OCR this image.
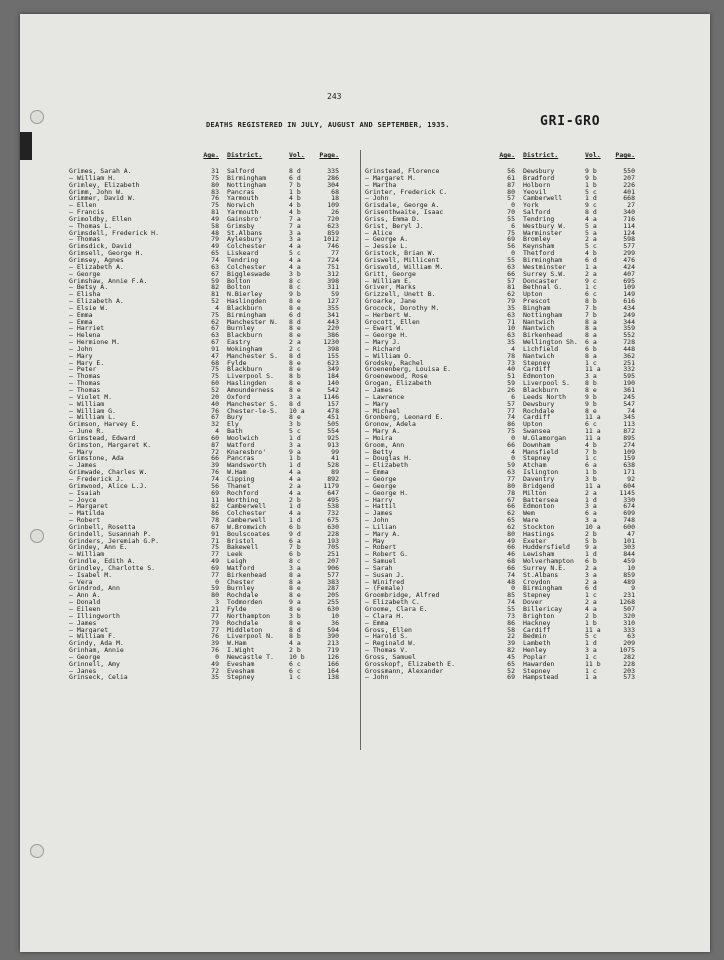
243
DEATHS REGISTERED IN JULY, AUGUST AND SEPTEMBER, 1935.	GRI-GRO
Age.	District.	Vol.	Page.
Grimes, Sarah A.	31	Salford	8 d	335
— William H.	75	Birmingham	6 d	286
Grimley, Elizabeth	80	Nottingham	7 b	304
Grimm, John W.	83	Pancras	1 b	68
Grimmer, David W.	76	Yarmouth	4 b	18
— Ellen	75	Norwich	4 b	109
— Francis	81	Yarmouth	4 b	26
Grimoldby, Ellen	49	Gainsbro'	7 a	720
— Thomas L.	58	Grimsby	7 a	623
Grimsdell, Frederick H.	48	St.Albans	3 a	859
— Thomas	79	Aylesbury	3 a	1012
Grimsdick, David	49	Colchester	4 a	746
Grimsell, George H.	65	Liskeard	5 c	77
Grimsey, Agnes	74	Tendring	4 a	724
— Elizabeth A.	63	Colchester	4 a	751
— George	67	Biggleswade	3 b	312
Grimshaw, Annie F.A.	59	Bolton	8 c	398
— Betsy A.	82	Bolton	8 c	311
— Elisha	81	N.Bierley	9 b	59
— Elizabeth A.	52	Haslingden	8 e	127
— Elsie W.	4	Blackburn	8 e	355
— Emma	75	Birmingham	6 d	341
— Emma	62	Manchester N.	8 d	443
— Harriet	67	Burnley	8 e	220
— Helena	63	Blackburn	8 e	386
— Hermione M.	67	Eastry	2 a	1230
— John	91	Wokingham	2 c	398
— Mary	47	Manchester S.	8 d	155
— Mary E.	68	Fylde	8 e	623
— Peter	75	Blackburn	8 e	349
— Thomas	75	Liverpool S.	8 b	184
— Thomas	60	Haslingden	8 e	140
— Thomas	52	Amounderness	8 e	542
— Violet M.	20	Oxford	3 a	1146
— William	40	Manchester S.	8 d	157
— William G.	76	Chester-le-S.	10 a	478
— William L.	67	Bury	8 e	451
Grimson, Harvey E.	32	Ely	3 b	505
— June R.	4	Bath	5 c	554
Grimstead, Edward	60	Woolwich	1 d	925
Grimston, Margaret K.	87	Watford	3 a	913
— Mary	72	Knaresbro'	9 a	99
Grimstone, Ada	66	Pancras	1 b	41
— James	39	Wandsworth	1 d	528
Grimwade, Charles W.	76	W.Ham	4 a	89
— Frederick J.	74	Cipping	4 a	892
Grimwood, Alice L.J.	56	Thanet	2 a	1179
— Isaiah	69	Rochford	4 a	647
— Joyce	11	Worthing	2 b	495
— Margaret	82	Camberwell	1 d	538
— Matilda	86	Colchester	4 a	732
— Robert	78	Camberwell	1 d	675
Grinbell, Rosetta	67	W.Bromwich	6 b	630
Grindell, Susannah P.	91	Boulscoates	9 d	228
Grinders, Jeremiah G.P.	71	Bristol	6 a	193
Grindey, Ann E.	75	Bakewell	7 b	705
— William	77	Leek	6 b	251
Grindle, Edith A.	49	Leigh	8 c	207
Grindley, Charlotte S.	69	Watford	3 a	906
— Isabel M.	77	Birkenhead	8 a	577
— Vera	0	Chester	8 a	383
Grindrod, Ann	59	Burnley	8 e	287
— Ann A.	80	Rochdale	8 e	205
— Donald	3	Todmorden	9 a	255
— Eileen	21	Fylde	8 e	630
— Illingworth	77	Northampton	3 b	10
— James	79	Rochdale	8 e	36
— Margaret	77	Middleton	8 d	594
— William F.	76	Liverpool N.	8 b	390
Grindy, Ada M.	39	W.Ham	4 a	213
Grinham, Annie	76	I.Wight	2 b	719
— George	0	Newcastle T.	10 b	126
Grinnell, Amy	49	Evesham	6 c	166
— Janes	72	Evesham	6 c	164
Grinseck, Celia	35	Stepney	1 c	138
Age.	District.	Vol.	Page.
Grinstead, Florence	56	Dewsbury	9 b	550
— Margaret M.	61	Bradford	9 b	207
— Martha	87	Holborn	1 b	226
Grinter, Frederick C.	80	Yeovil	5 c	401
— John	57	Camberwell	1 d	668
Grisdale, George A.	0	York	9 c	27
Grisenthwaite, Isaac	70	Salford	8 d	340
Griss, Emma D.	55	Tendring	4 a	716
Grist, Beryl J.	6	Westbury W.	5 a	114
— Alice	75	Warminster	5 a	124
— George A.	69	Bromley	2 a	598
— Jessie L.	56	Keynsham	5 c	577
Gristock, Brian W.	0	Thetford	4 b	299
Griswell, Millicent	55	Birmingham	6 d	476
Griswold, William M.	63	Westminster	1 a	424
Gritt, George	66	Surrey S.W.	2 a	407
— William E.	57	Doncaster	9 c	695
Griver, Marks	81	Bethnal G.	1 c	109
Grizzell, Unett B.	62	Upton	6 c	149
Groarke, Jane	79	Prescot	8 b	616
Grocock, Dorothy M.	35	Bingham	7 b	434
— Herbert W.	63	Nottingham	7 b	249
Grocott, Ellen	71	Nantwich	8 a	344
— Ewart W.	10	Nantwich	8 a	359
— George H.	63	Birkenhead	8 a	552
— Mary J.	35	Wellington Sh.	6 a	728
— Richard	4	Lichfield	6 b	448
— William O.	78	Nantwich	8 a	362
Grodsky, Rachel	73	Stepney	1 c	251
Groenenberg, Louisa E.	40	Cardiff	11 a	332
Groenewood, Rose	51	Edmonton	3 a	595
Grogan, Elizabeth	59	Liverpool S.	8 b	190
— James	26	Blackburn	8 e	361
— Lawrence	6	Leeds North	9 b	245
— Mary	57	Dewsbury	9 b	547
— Michael	77	Rochdale	8 e	74
Gronberg, Leonard E.	74	Cardiff	11 a	345
Gronow, Adela	86	Upton	6 c	113
— Mary A.	75	Swansea	11 a	872
— Moira	0	W.Glamorgan	11 a	895
Groom, Ann	66	Downham	4 b	274
— Betty	4	Mansfield	7 b	109
— Douglas H.	0	Stepney	1 c	159
— Elizabeth	59	Atcham	6 a	638
— Emma	63	Islington	1 b	171
— George	77	Daventry	3 b	92
— George	80	Bridgend	11 a	604
— George H.	78	Milton	2 a	1145
— Harry	67	Battersea	1 d	330
— Hattil	66	Edmonton	3 a	674
— James	62	Wem	6 a	699
— John	65	Ware	3 a	748
— Lilian	62	Stockton	10 a	600
— Mary A.	80	Hastings	2 b	47
— May	49	Exeter	5 b	101
— Robert	66	Huddersfield	9 a	303
— Robert G.	46	Lewisham	1 d	844
— Samuel	68	Wolverhampton	6 b	459
— Sarah	66	Surrey N.E.	2 a	10
— Susan J.	74	St.Albans	3 a	859
— Winifred	48	Croydon	2 a	489
— (Female)	0	Birmingham	6 d	9
Groombridge, Alfred	85	Stepney	1 c	231
— Elizabeth C.	74	Dover	2 a	1268
Groome, Clara E.	55	Billericay	4 a	507
— Clara H.	73	Brighton	2 b	320
— Emma	86	Hackney	1 b	310
Gross, Ellen	58	Cardiff	11 a	333
— Harold S.	22	Bedmin	5 c	63
— Reginald W.	39	Lambeth	1 d	209
— Thomas V.	82	Henley	3 a	1075
Gross, Samuel	45	Poplar	1 c	282
Grosskopf, Elizabeth E.	65	Hawarden	11 b	228
Grossmann, Alexander	52	Stepney	1 c	203
— John	69	Hampstead	1 a	573
